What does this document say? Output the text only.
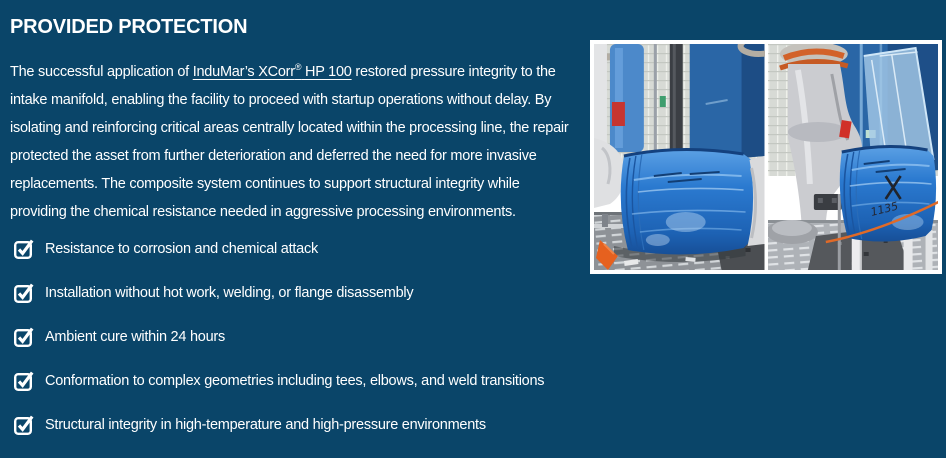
PROVIDED PROTECTION

The successful application of InduMar’s XCorr® HP 100 restored pressure integrity to the intake manifold, enabling the facility to proceed with startup operations without delay. By isolating and reinforcing critical areas centrally located within the processing line, the repair protected the asset from further deterioration and deferred the need for more invasive replacements. The composite system continues to support structural integrity while providing the chemical resistance needed in aggressive processing environments.

Resistance to corrosion and chemical attack
Installation without hot work, welding, or flange disassembly
Ambient cure within 24 hours
Conformation to complex geometries including tees, elbows, and weld transitions
Structural integrity in high-temperature and high-pressure environments
1135
